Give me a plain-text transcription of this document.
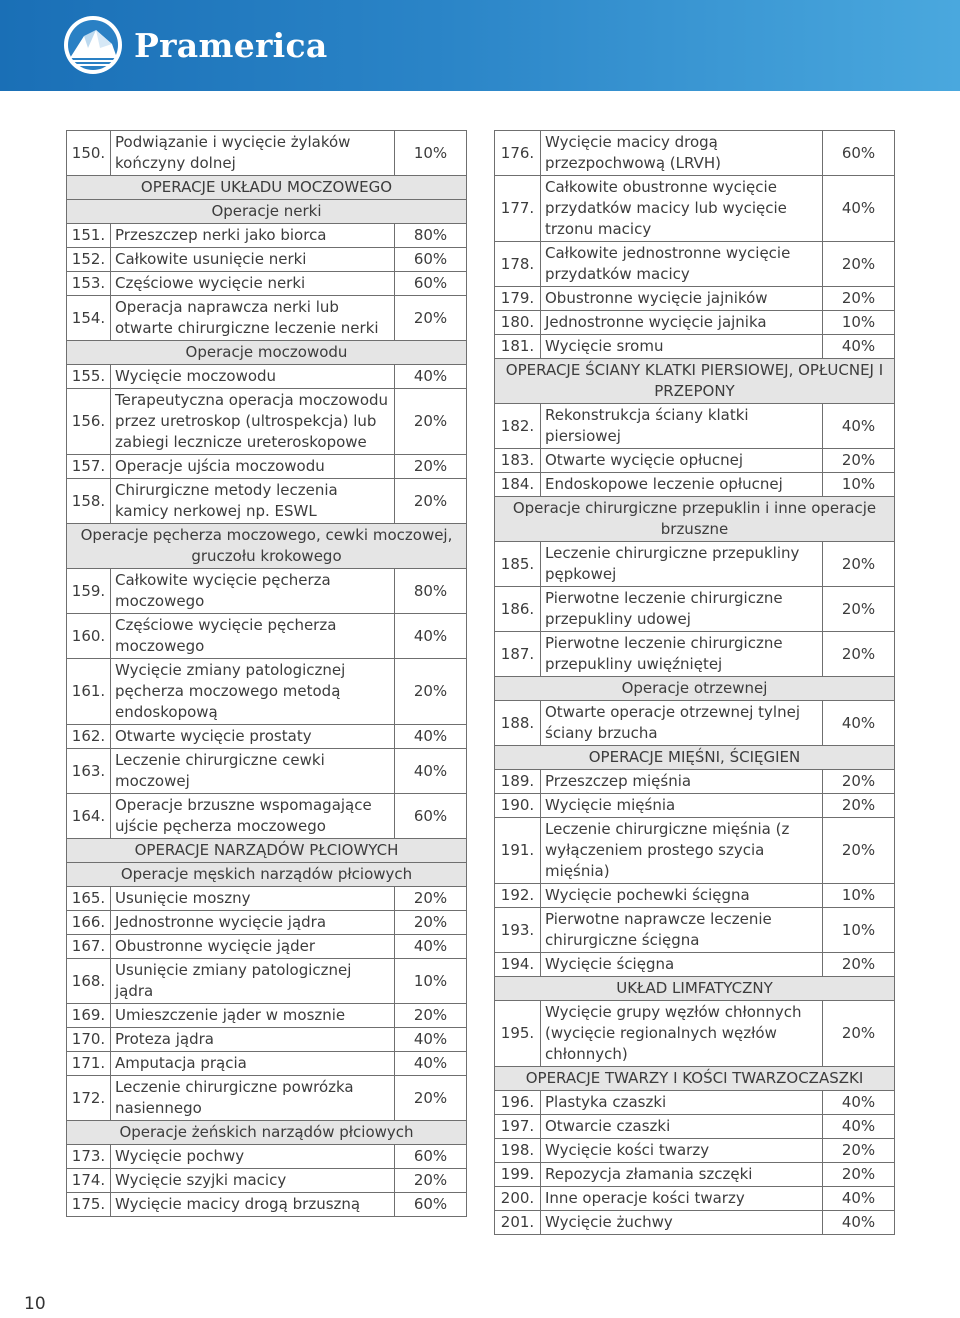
Pramerica
150.	Podwiązanie i wycięcie żylaków kończyny dolnej	10%
OPERACJE UKŁADU MOCZOWEGO		
Operacje nerki		
151.	Przeszczep nerki jako biorca	80%
152.	Całkowite usunięcie nerki	60%
153.	Częściowe wycięcie nerki	60%
154.	Operacja naprawcza nerki lub otwarte chirurgiczne leczenie nerki	20%
Operacje moczowodu		
155.	Wycięcie moczowodu	40%
156.	Terapeutyczna operacja moczowodu przez uretroskop (ultrospekcja) lub zabiegi lecznicze ureteroskopowe	20%
157.	Operacje ujścia moczowodu	20%
158.	Chirurgiczne metody leczenia kamicy nerkowej np. ESWL	20%
Operacje pęcherza moczowego, cewki moczowej, gruczołu krokowego		
159.	Całkowite wycięcie pęcherza moczowego	80%
160.	Częściowe wycięcie pęcherza moczowego	40%
161.	Wycięcie zmiany patologicznej pęcherza moczowego metodą endoskopową	20%
162.	Otwarte wycięcie prostaty	40%
163.	Leczenie chirurgiczne cewki moczowej	40%
164.	Operacje brzuszne wspomagające ujście pęcherza moczowego	60%
OPERACJE NARZĄDÓW PŁCIOWYCH		
Operacje męskich narządów płciowych		
165.	Usunięcie moszny	20%
166.	Jednostronne wycięcie jądra	20%
167.	Obustronne wycięcie jąder	40%
168.	Usunięcie zmiany patologicznej jądra	10%
169.	Umieszczenie jąder w mosznie	20%
170.	Proteza jądra	40%
171.	Amputacja prącia	40%
172.	Leczenie chirurgiczne powrózka nasiennego	20%
Operacje żeńskich narządów płciowych		
173.	Wycięcie pochwy	60%
174.	Wycięcie szyjki macicy	20%
175.	Wycięcie macicy drogą brzuszną	60%
176.	Wycięcie macicy drogą przezpochwową (LRVH)	60%
177.	Całkowite obustronne wycięcie przydatków macicy lub wycięcie trzonu macicy	40%
178.	Całkowite jednostronne wycięcie przydatków macicy	20%
179.	Obustronne wycięcie jajników	20%
180.	Jednostronne wycięcie jajnika	10%
181.	Wycięcie sromu	40%
OPERACJE ŚCIANY KLATKI PIERSIOWEJ, OPŁUCNEJ I PRZEPONY		
182.	Rekonstrukcja ściany klatki piersiowej	40%
183.	Otwarte wycięcie opłucnej	20%
184.	Endoskopowe leczenie opłucnej	10%
Operacje chirurgiczne przepuklin i inne operacje brzuszne		
185.	Leczenie chirurgiczne przepukliny pępkowej	20%
186.	Pierwotne leczenie chirurgiczne przepukliny udowej	20%
187.	Pierwotne leczenie chirurgiczne przepukliny uwięźniętej	20%
Operacje otrzewnej		
188.	Otwarte operacje otrzewnej tylnej ściany brzucha	40%
OPERACJE MIĘŚNI, ŚCIĘGIEN		
189.	Przeszczep mięśnia	20%
190.	Wycięcie mięśnia	20%
191.	Leczenie chirurgiczne mięśnia (z wyłączeniem prostego szycia mięśnia)	20%
192.	Wycięcie pochewki ścięgna	10%
193.	Pierwotne naprawcze leczenie chirurgiczne ścięgna	10%
194.	Wycięcie ścięgna	20%
UKŁAD LIMFATYCZNY		
195.	Wycięcie grupy węzłów chłonnych (wycięcie regionalnych węzłów chłonnych)	20%
OPERACJE TWARZY I KOŚCI TWARZOCZASZKI		
196.	Plastyka czaszki	40%
197.	Otwarcie czaszki	40%
198.	Wycięcie kości twarzy	20%
199.	Repozycja złamania szczęki	20%
200.	Inne operacje kości twarzy	40%
201.	Wycięcie żuchwy	40%
10
